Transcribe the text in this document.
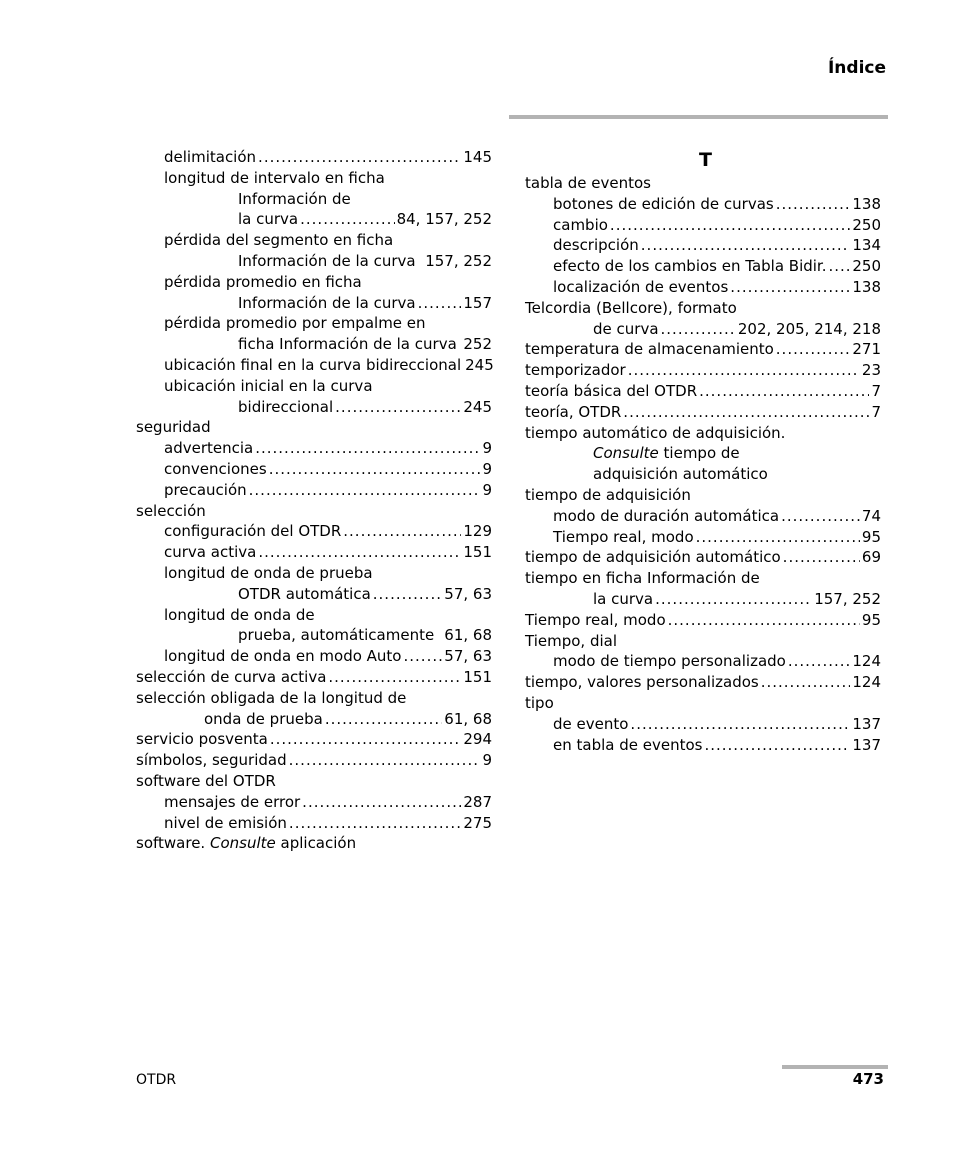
Índice
delimitación .....	145
longitud de intervalo en ficha
Información de
la curva .....	84, 157, 252
pérdida del segmento en ficha
Información de la curva 157, 252
pérdida promedio en ficha
Información de la curva .....	157
pérdida promedio por empalme en
ficha Información de la curva 252
ubicación final en la curva bidireccional 245
ubicación inicial en la curva
bidireccional .....	245
seguridad
advertencia .....	9
convenciones .....	9
precaución .....	9
selección
configuración del OTDR .....	129
curva activa .....	151
longitud de onda de prueba
OTDR automática .....	57, 63
longitud de onda de
prueba, automáticamente 61, 68
longitud de onda en modo Auto .....	57, 63
selección de curva activa .....	151
selección obligada de la longitud de
onda de prueba .....	61, 68
servicio posventa .....	294
símbolos, seguridad .....	9
software del OTDR
mensajes de error .....	287
nivel de emisión .....	275
software. Consulte aplicación
T
tabla de eventos
botones de edición de curvas .....	138
cambio .....	250
descripción .....	134
efecto de los cambios en Tabla Bidir. ..... 250
localización de eventos .....	138
Telcordia (Bellcore), formato
de curva .....	202, 205, 214, 218
temperatura de almacenamiento .....	271
temporizador .....	23
teoría básica del OTDR .....	7
teoría, OTDR .....	7
tiempo automático de adquisición.
Consulte tiempo de
adquisición automático
tiempo de adquisición
modo de duración automática .....	74
Tiempo real, modo .....	95
tiempo de adquisición automático .....	69
tiempo en ficha Información de
la curva .....	157, 252
Tiempo real, modo .....	95
Tiempo, dial
modo de tiempo personalizado .....	124
tiempo, valores personalizados .....	124
tipo
de evento .....	137
en tabla de eventos .....	137
OTDR	473
